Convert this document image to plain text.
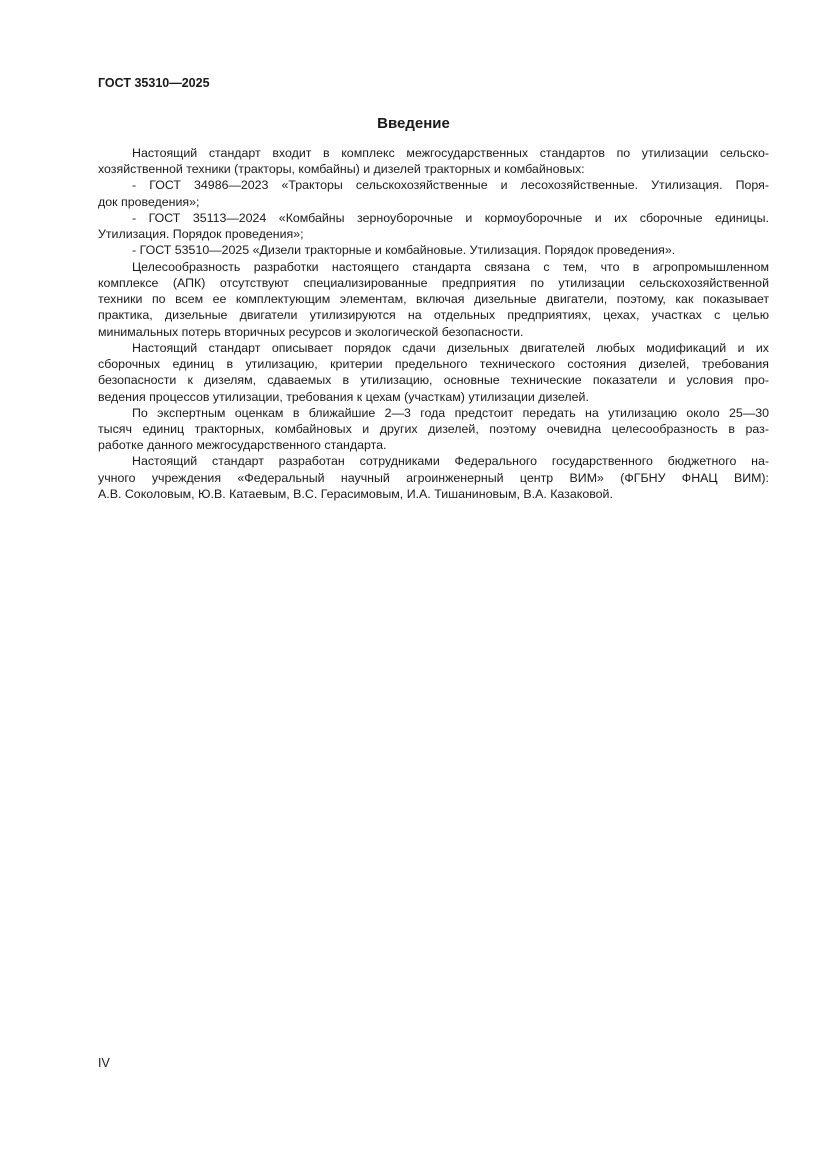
ГОСТ 35310—2025
Введение
Настоящий стандарт входит в комплекс межгосударственных стандартов по утилизации сельско-
хозяйственной техники (тракторы, комбайны) и дизелей тракторных и комбайновых:
- ГОСТ 34986—2023 «Тракторы сельскохозяйственные и лесохозяйственные. Утилизация. Поря-
док проведения»;
- ГОСТ 35113—2024 «Комбайны зерноуборочные и кормоуборочные и их сборочные единицы.
Утилизация. Порядок проведения»;
- ГОСТ 53510—2025 «Дизели тракторные и комбайновые. Утилизация. Порядок проведения».
Целесообразность разработки настоящего стандарта связана с тем, что в агропромышленном
комплексе (АПК) отсутствуют специализированные предприятия по утилизации сельскохозяйственной
техники по всем ее комплектующим элементам, включая дизельные двигатели, поэтому, как показывает
практика, дизельные двигатели утилизируются на отдельных предприятиях, цехах, участках с целью
минимальных потерь вторичных ресурсов и экологической безопасности.
Настоящий стандарт описывает порядок сдачи дизельных двигателей любых модификаций и их
сборочных единиц в утилизацию, критерии предельного технического состояния дизелей, требования
безопасности к дизелям, сдаваемых в утилизацию, основные технические показатели и условия про-
ведения процессов утилизации, требования к цехам (участкам) утилизации дизелей.
По экспертным оценкам в ближайшие 2—3 года предстоит передать на утилизацию около 25—30
тысяч единиц тракторных, комбайновых и других дизелей, поэтому очевидна целесообразность в раз-
работке данного межгосударственного стандарта.
Настоящий стандарт разработан сотрудниками Федерального государственного бюджетного на-
учного учреждения «Федеральный научный агроинженерный центр ВИМ» (ФГБНУ ФНАЦ ВИМ):
А.В. Соколовым, Ю.В. Катаевым, В.С. Герасимовым, И.А. Тишаниновым, В.А. Казаковой.
IV
